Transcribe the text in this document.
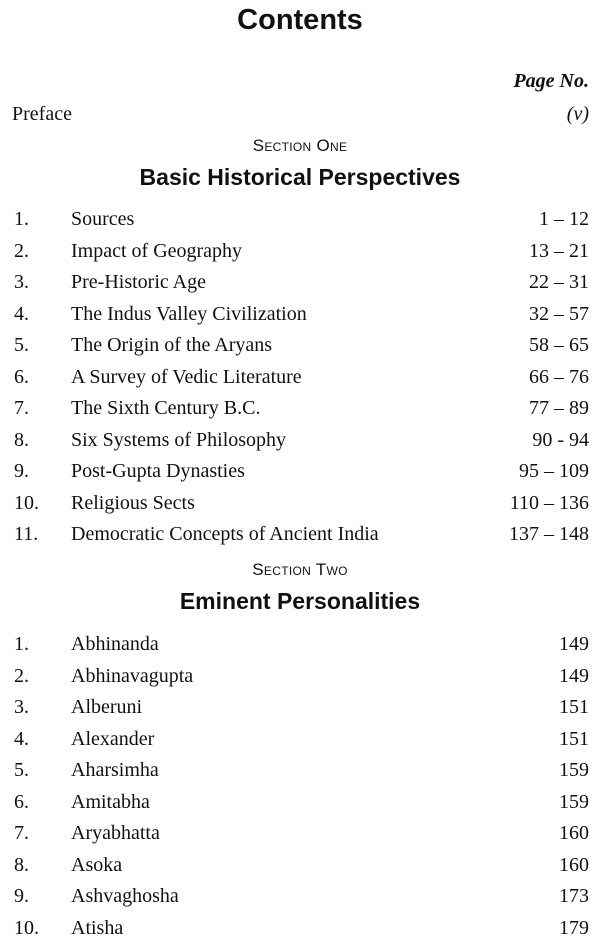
Contents
Page No.
Preface	(v)
Section One
Basic Historical Perspectives
1. Sources	1 – 12
2. Impact of Geography	13 – 21
3. Pre-Historic Age	22 – 31
4. The Indus Valley Civilization	32 – 57
5. The Origin of the Aryans	58 – 65
6. A Survey of Vedic Literature	66 – 76
7. The Sixth Century B.C.	77 – 89
8. Six Systems of Philosophy	90 - 94
9. Post-Gupta Dynasties	95 – 109
10. Religious Sects	110 – 136
11. Democratic Concepts of Ancient India	137 – 148
Section Two
Eminent Personalities
1. Abhinanda	149
2. Abhinavagupta	149
3. Alberuni	151
4. Alexander	151
5. Aharsimha	159
6. Amitabha	159
7. Aryabhatta	160
8. Asoka	160
9. Ashvaghosha	173
10. Atisha	179
